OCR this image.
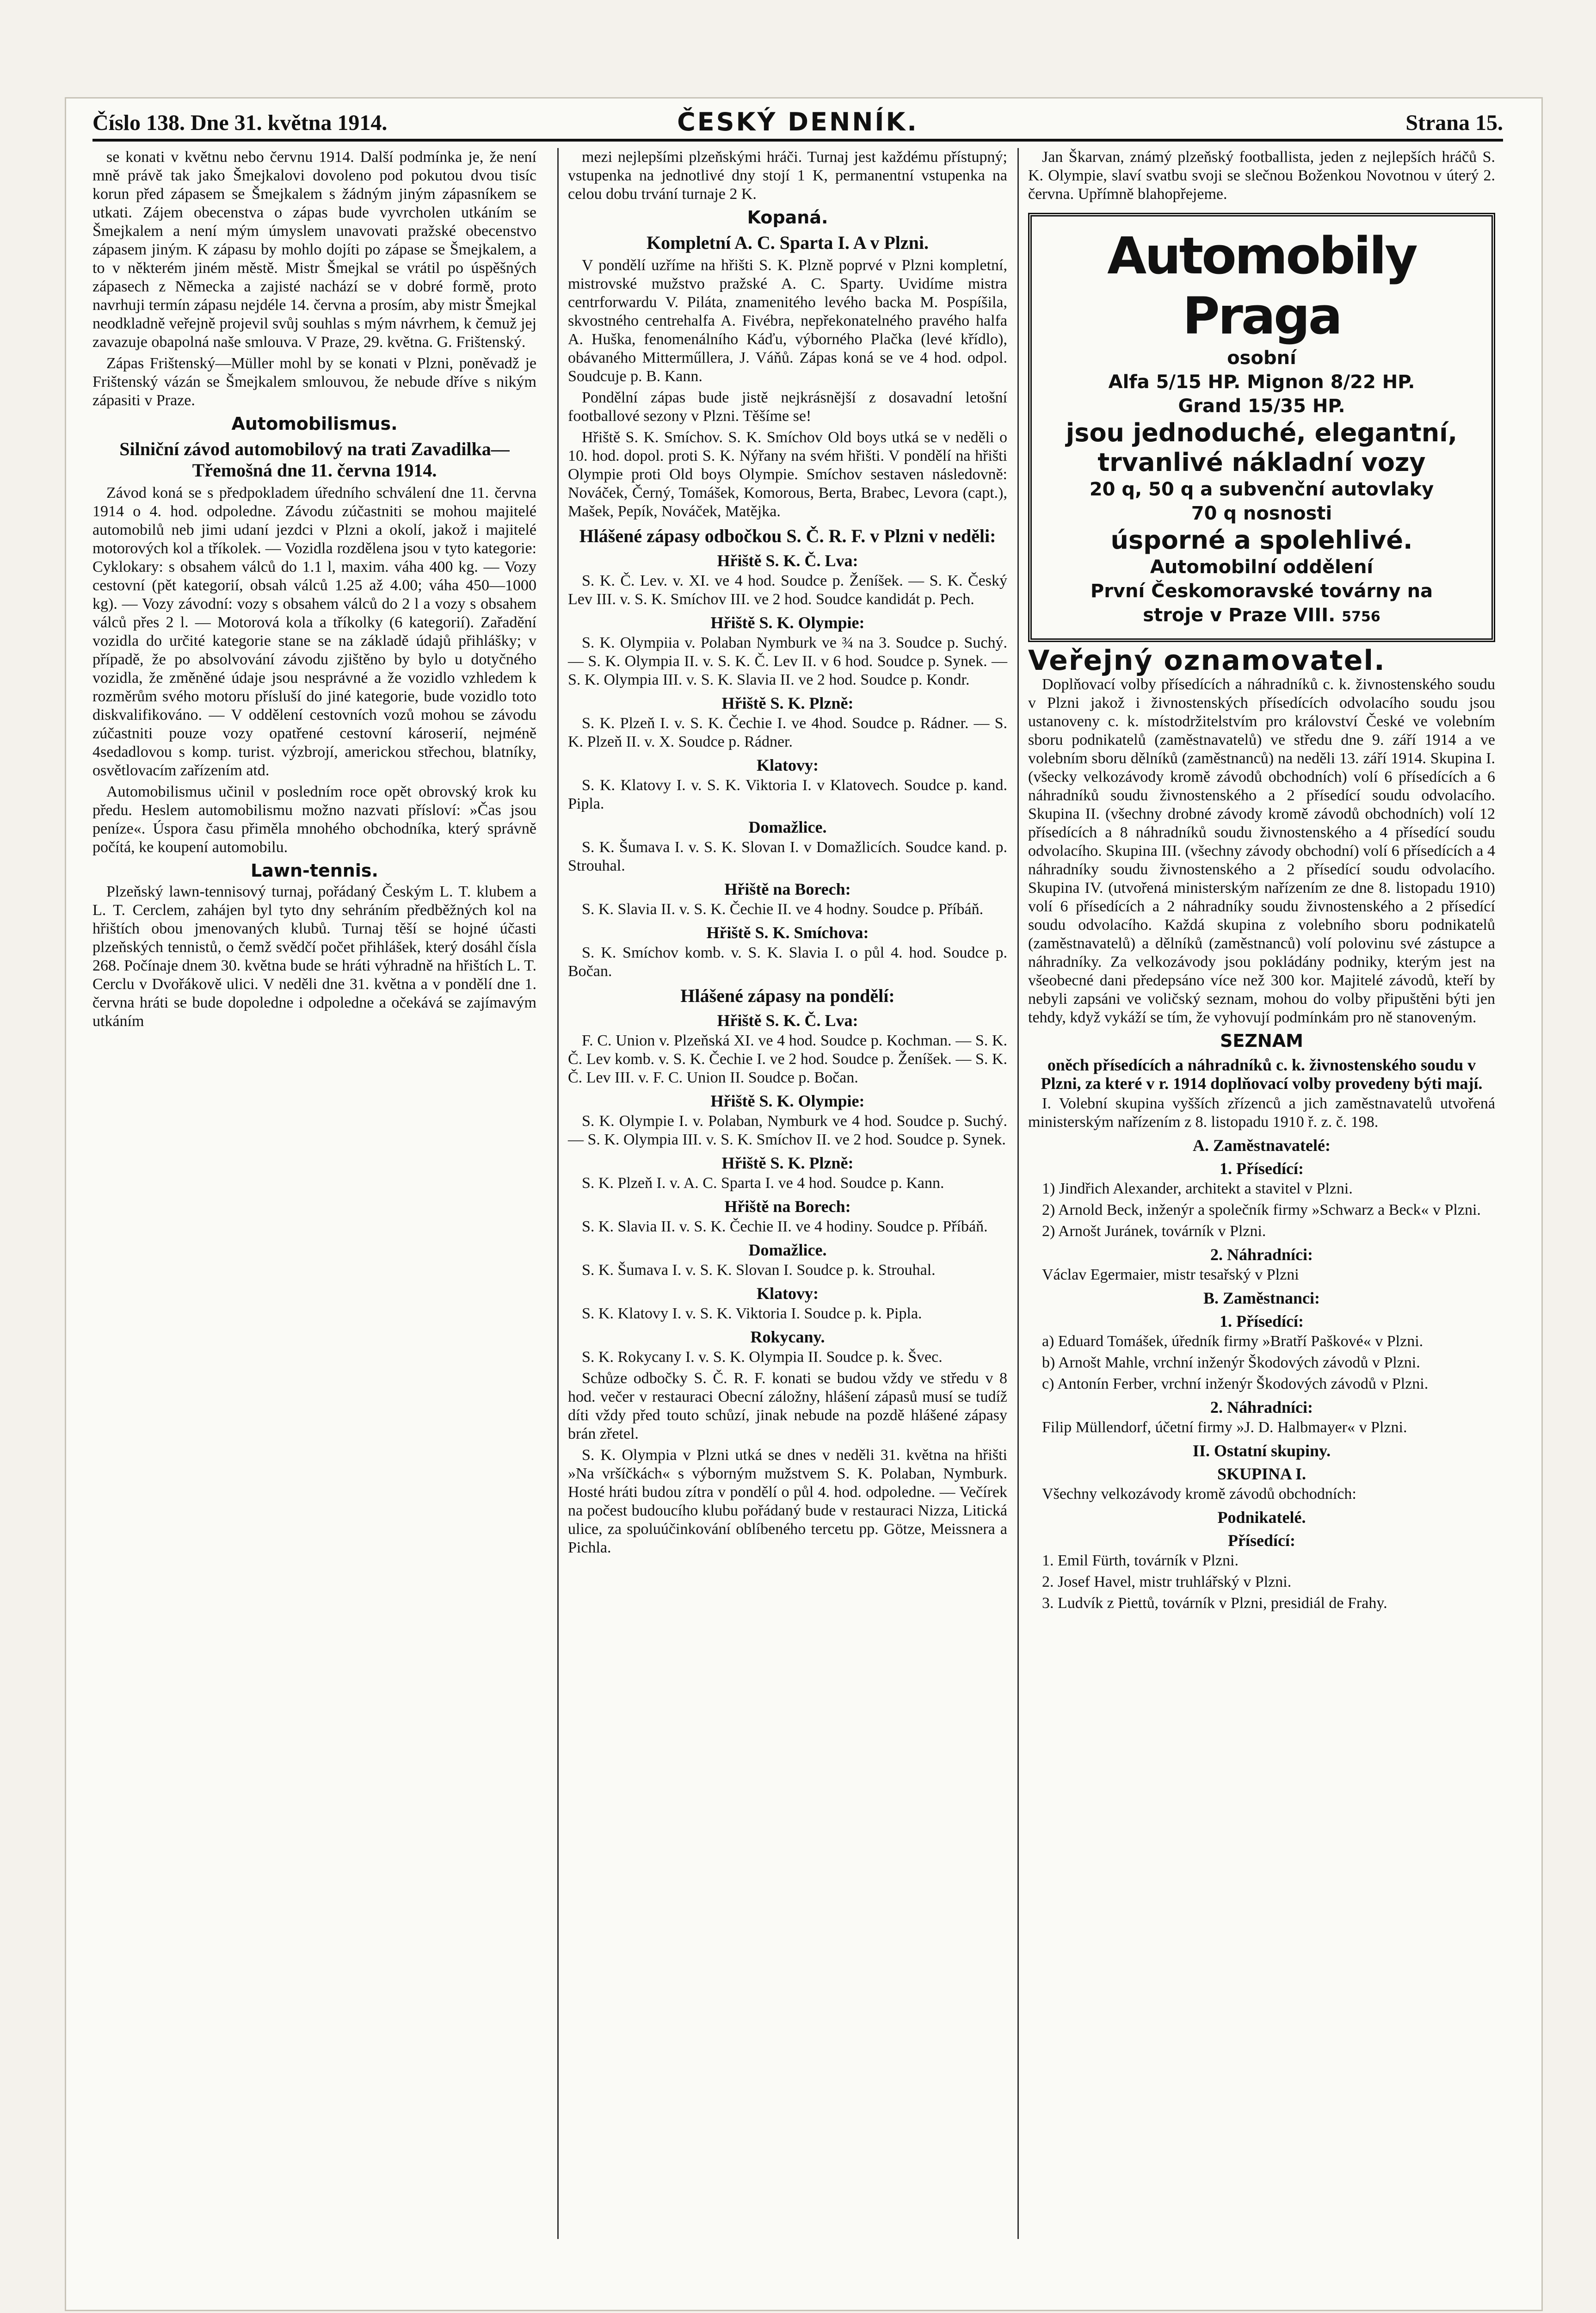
Číslo 138. Dne 31. května 1914.	ČESKÝ DENNÍK.	Strana 15.

se konati v květnu nebo červnu 1914. Další podmínka je, že není mně právě tak jako Šmejkalovi dovoleno pod pokutou dvou tisíc korun před zápasem se Šmejkalem s žádným jiným zápasníkem se utkati. Zájem obecenstva o zápas bude vyvrcholen utkáním se Šmejkalem a není mým úmyslem unavovati pražské obecenstvo zápasem jiným. K zápasu by mohlo dojíti po zápase se Šmejkalem, a to v některém jiném městě. Mistr Šmejkal se vrátil po úspěšných zápasech z Německa a zajisté nachází se v dobré formě, proto navrhuji termín zápasu nejdéle 14. června a prosím, aby mistr Šmejkal neodkladně veřejně projevil svůj souhlas s mým návrhem, k čemuž jej zavazuje obapolná naše smlouva. V Praze, 29. května. G. Frištenský.

Zápas Frištenský—Müller mohl by se konati v Plzni, poněvadž je Frištenský vázán se Šmejkalem smlouvou, že nebude dříve s nikým zápasiti v Praze.

Automobilismus.
Silniční závod automobilový na trati Zavadilka—Třemošná dne 11. června 1914.

Závod koná se s předpokladem úředního schválení dne 11. června 1914 o 4. hod. odpoledne. Závodu zúčastniti se mohou majitelé automobilů neb jimi udaní jezdci v Plzni a okolí, jakož i majitelé motorových kol a tříkolek. — Vozidla rozdělena jsou v tyto kategorie: Cyklokary: s obsahem válců do 1.1 l, maxim. váha 400 kg. — Vozy cestovní (pět kategorií, obsah válců 1.25 až 4.00; váha 450—1000 kg). — Vozy závodní: vozy s obsahem válců do 2 l a vozy s obsahem válců přes 2 l. — Motorová kola a tříkolky (6 kategorií). Zařadění vozidla do určité kategorie stane se na základě údajů přihlášky; v případě, že po absolvování závodu zjištěno by bylo u dotyčného vozidla, že změněné údaje jsou nesprávné a že vozidlo vzhledem k rozměrům svého motoru přísluší do jiné kategorie, bude vozidlo toto diskvalifikováno. — V oddělení cestovních vozů mohou se závodu zúčastniti pouze vozy opatřené cestovní károserií, nejméně 4sedadlovou s komp. turist. výzbrojí, americkou střechou, blatníky, osvětlovacím zařízením atd.

Automobilismus učinil v posledním roce opět obrovský krok ku předu. Heslem automobilismu možno nazvati přísloví: »Čas jsou peníze«. Úspora času přiměla mnohého obchodníka, který správně počítá, ke koupení automobilu.

Lawn-tennis.

Plzeňský lawn-tennisový turnaj, pořádaný Českým L. T. klubem a L. T. Cerclem, zahájen byl tyto dny sehráním předběžných kol na hřištích obou jmenovaných klubů. Turnaj těší se hojné účasti plzeňských tennistů, o čemž svědčí počet přihlášek, který dosáhl čísla 268. Počínaje dnem 30. května bude se hráti výhradně na hřištích L. T. Cerclu v Dvořákově ulici. V neděli dne 31. května a v pondělí dne 1. června hráti se bude dopoledne i odpoledne a očekává se zajímavým utkáním

mezi nejlepšími plzeňskými hráči. Turnaj jest každému přístupný; vstupenka na jednotlivé dny stojí 1 K, permanentní vstupenka na celou dobu trvání turnaje 2 K.

Kopaná.
Kompletní A. C. Sparta I. A v Plzni.

V pondělí uzříme na hřišti S. K. Plzně poprvé v Plzni kompletní, mistrovské mužstvo pražské A. C. Sparty. Uvidíme mistra centrforwardu V. Piláta, znamenitého levého backa M. Pospíšila, skvostného centrehalfa A. Fivébra, nepřekonatelného pravého halfa A. Huška, fenomenálního Káďu, výborného Plačka (levé křídlo), obávaného Mitterműllera, J. Váňů. Zápas koná se ve 4 hod. odpol. Soudcuje p. B. Kann.

Pondělní zápas bude jistě nejkrásnější z dosavadní letošní footballové sezony v Plzni. Těšíme se!

Hřiště S. K. Smíchov. S. K. Smíchov Old boys utká se v neděli o 10. hod. dopol. proti S. K. Nýřany na svém hřišti. V pondělí na hřišti Olympie proti Old boys Olympie. Smíchov sestaven následovně: Nováček, Černý, Tomášek, Komorous, Berta, Brabec, Levora (capt.), Mašek, Pepík, Nováček, Matějka.

Hlášené zápasy odbočkou S. Č. R. F. v Plzni v neděli:
Hřiště S. K. Č. Lva:

S. K. Č. Lev. v. XI. ve 4 hod. Soudce p. Ženíšek. — S. K. Český Lev III. v. S. K. Smíchov III. ve 2 hod. Soudce kandidát p. Pech.

Hřiště S. K. Olympie:

S. K. Olympiia v. Polaban Nymburk ve ¾ na 3. Soudce p. Suchý. — S. K. Olympia II. v. S. K. Č. Lev II. v 6 hod. Soudce p. Synek. — S. K. Olympia III. v. S. K. Slavia II. ve 2 hod. Soudce p. Kondr.

Hřiště S. K. Plzně:

S. K. Plzeň I. v. S. K. Čechie I. ve 4hod. Soudce p. Rádner. — S. K. Plzeň II. v. X. Soudce p. Rádner.

Klatovy:

S. K. Klatovy I. v. S. K. Viktoria I. v Klatovech. Soudce p. kand. Pipla.

Domažlice.

S. K. Šumava I. v. S. K. Slovan I. v Domažlicích. Soudce kand. p. Strouhal.

Hřiště na Borech:

S. K. Slavia II. v. S. K. Čechie II. ve 4 hodny. Soudce p. Příbáň.

Hřiště S. K. Smíchova:

S. K. Smíchov komb. v. S. K. Slavia I. o půl 4. hod. Soudce p. Bočan.

Hlášené zápasy na pondělí:
Hřiště S. K. Č. Lva:

F. C. Union v. Plzeňská XI. ve 4 hod. Soudce p. Kochman. — S. K. Č. Lev komb. v. S. K. Čechie I. ve 2 hod. Soudce p. Ženíšek. — S. K. Č. Lev III. v. F. C. Union II. Soudce p. Bočan.

Hřiště S. K. Olympie:

S. K. Olympie I. v. Polaban, Nymburk ve 4 hod. Soudce p. Suchý. — S. K. Olympia III. v. S. K. Smíchov II. ve 2 hod. Soudce p. Synek.

Hřiště S. K. Plzně:

S. K. Plzeň I. v. A. C. Sparta I. ve 4 hod. Soudce p. Kann.

Hřiště na Borech:

S. K. Slavia II. v. S. K. Čechie II. ve 4 hodiny. Soudce p. Příbáň.

Domažlice.

S. K. Šumava I. v. S. K. Slovan I. Soudce p. k. Strouhal.

Klatovy:

S. K. Klatovy I. v. S. K. Viktoria I. Soudce p. k. Pipla.

Rokycany.

S. K. Rokycany I. v. S. K. Olympia II. Soudce p. k. Švec.

Schůze odbočky S. Č. R. F. konati se budou vždy ve středu v 8 hod. večer v restauraci Obecní záložny, hlášení zápasů musí se tudíž díti vždy před touto schůzí, jinak nebude na pozdě hlášené zápasy brán zřetel.

S. K. Olympia v Plzni utká se dnes v neděli 31. května na hřišti »Na vršíčkách« s výborným mužstvem S. K. Polaban, Nymburk. Hosté hráti budou zítra v pondělí o půl 4. hod. odpoledne. — Večírek na počest budoucího klubu pořádaný bude v restauraci Nizza, Litická ulice, za spoluúčinkování oblíbeného tercetu pp. Götze, Meissnera a Pichla.

Jan Škarvan, známý plzeňský footballista, jeden z nejlepších hráčů S. K. Olympie, slaví svatbu svoji se slečnou Boženkou Novotnou v úterý 2. června. Upřímně blahopřejeme.

Automobily Praga
osobní
Alfa 5/15 HP. Mignon 8/22 HP.
Grand 15/35 HP.
jsou jednoduché, elegantní,
trvanlivé nákladní vozy
20 q, 50 q a subvenční autovlaky
70 q nosnosti
úsporné a spolehlivé.
Automobilní oddělení
První Českomoravské továrny na
stroje v Praze VIII. 5756
Veřejný oznamovatel.

Doplňovací volby přísedících a náhradníků c. k. živnostenského soudu v Plzni jakož i živnostenských přísedících odvolacího soudu jsou ustanoveny c. k. místodržitelstvím pro království České ve volebním sboru podnikatelů (zaměstnavatelů) ve středu dne 9. září 1914 a ve volebním sboru dělníků (zaměstnanců) na neděli 13. září 1914. Skupina I. (všecky velkozávody kromě závodů obchodních) volí 6 přísedících a 6 náhradníků soudu živnostenského a 2 přísedící soudu odvolacího. Skupina II. (všechny drobné závody kromě závodů obchodních) volí 12 přísedících a 8 náhradníků soudu živnostenského a 4 přísedící soudu odvolacího. Skupina III. (všechny závody obchodní) volí 6 přísedících a 4 náhradníky soudu živnostenského a 2 přísedící soudu odvolacího. Skupina IV. (utvořená ministerským nařízením ze dne 8. listopadu 1910) volí 6 přísedících a 2 náhradníky soudu živnostenského a 2 přísedící soudu odvolacího. Každá skupina z volebního sboru podnikatelů (zaměstnavatelů) a dělníků (zaměstnanců) volí polovinu své zástupce a náhradníky. Za velkozávody jsou pokládány podniky, kterým jest na všeobecné dani předepsáno více než 300 kor. Majitelé závodů, kteří by nebyli zapsáni ve voličský seznam, mohou do volby připuštěni býti jen tehdy, když vykáží se tím, že vyhovují podmínkám pro ně stanoveným.

SEZNAM
oněch přísedících a náhradníků c. k. živnostenského soudu v Plzni, za které v r. 1914 doplňovací volby provedeny býti mají.

I. Volební skupina vyšších zřízenců a jich zaměstnavatelů utvořená ministerským nařízením z 8. listopadu 1910 ř. z. č. 198.

A. Zaměstnavatelé:
1. Přísedící:

1) Jindřich Alexander, architekt a stavitel v Plzni.

2) Arnold Beck, inženýr a společník firmy »Schwarz a Beck« v Plzni.

2) Arnošt Juránek, továrník v Plzni.

2. Náhradníci:

Václav Egermaier, mistr tesařský v Plzni

B. Zaměstnanci:
1. Přísedící:

a) Eduard Tomášek, úředník firmy »Bratří Paškové« v Plzni.

b) Arnošt Mahle, vrchní inženýr Škodových závodů v Plzni.

c) Antonín Ferber, vrchní inženýr Škodových závodů v Plzni.

2. Náhradníci:

Filip Müllendorf, účetní firmy »J. D. Halbmayer« v Plzni.

II. Ostatní skupiny.
SKUPINA I.

Všechny velkozávody kromě závodů obchodních:

Podnikatelé.
Přísedící:

1. Emil Fürth, továrník v Plzni.

2. Josef Havel, mistr truhlářský v Plzni.

3. Ludvík z Piettů, továrník v Plzni, presidiál de Frahy.
